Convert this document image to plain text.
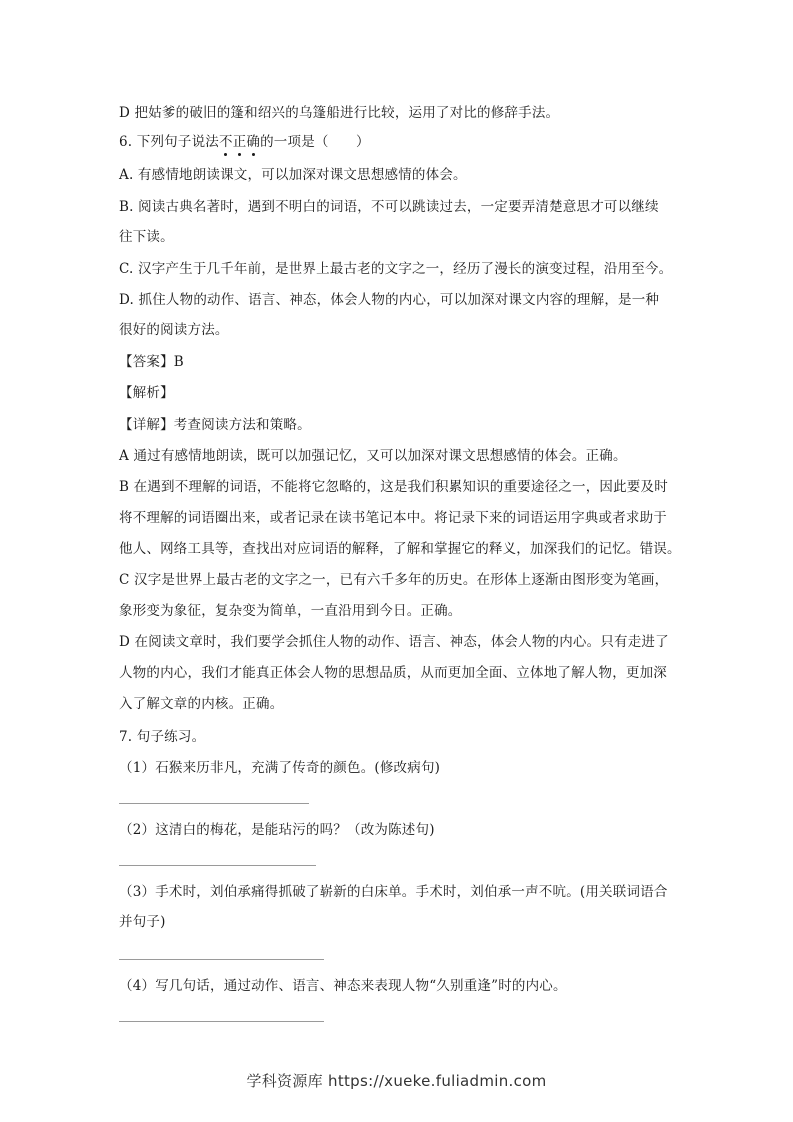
D 把姑爹的破旧的篷和绍兴的乌篷船进行比较，运用了对比的修辞手法。
6. 下列句子说法不正确的一项是（　　）
A. 有感情地朗读课文，可以加深对课文思想感情的体会。
B. 阅读古典名著时，遇到不明白的词语，不可以跳读过去，一定要弄清楚意思才可以继续
往下读。
C. 汉字产生于几千年前，是世界上最古老的文字之一，经历了漫长的演变过程，沿用至今。
D. 抓住人物的动作、语言、神态，体会人物的内心，可以加深对课文内容的理解，是一种
很好的阅读方法。
【答案】B
【解析】
【详解】考查阅读方法和策略。
A 通过有感情地朗读，既可以加强记忆，又可以加深对课文思想感情的体会。正确。
B 在遇到不理解的词语，不能将它忽略的，这是我们积累知识的重要途径之一，因此要及时
将不理解的词语圈出来，或者记录在读书笔记本中。将记录下来的词语运用字典或者求助于
他人、网络工具等，查找出对应词语的解释，了解和掌握它的释义，加深我们的记忆。错误。
C 汉字是世界上最古老的文字之一，已有六千多年的历史。在形体上逐渐由图形变为笔画，
象形变为象征，复杂变为简单，一直沿用到今日。正确。
D 在阅读文章时，我们要学会抓住人物的动作、语言、神态，体会人物的内心。只有走进了
人物的内心，我们才能真正体会人物的思想品质，从而更加全面、立体地了解人物，更加深
入了解文章的内核。正确。
7. 句子练习。
（1）石猴来历非凡，充满了传奇的颜色。(修改病句)
（2）这清白的梅花，是能玷污的吗？（改为陈述句)
（3）手术时，刘伯承痛得抓破了崭新的白床单。手术时，刘伯承一声不吭。(用关联词语合
并句子)
（4）写几句话，通过动作、语言、神态来表现人物“久别重逢”时的内心。
学科资源库 https://xueke.fuliadmin.com
